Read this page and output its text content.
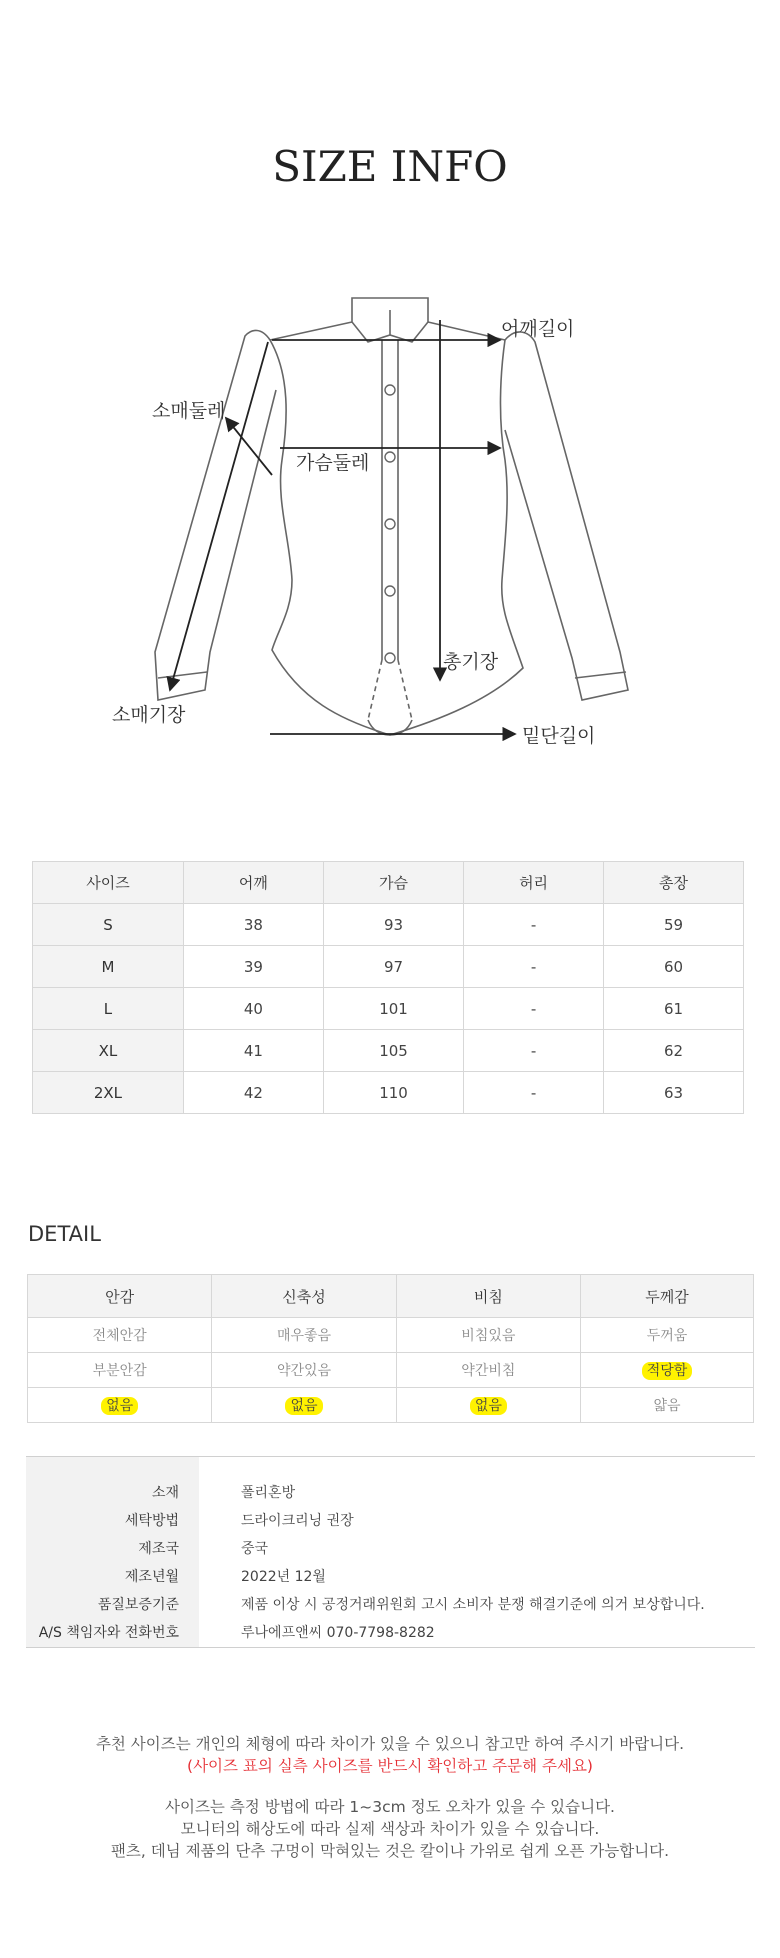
SIZE INFO
어깨길이
소매둘레
가슴둘레
총기장
소매기장
밑단길이
사이즈	어깨	가슴	허리	총장
S	38	93	-	59
M	39	97	-	60
L	40	101	-	61
XL	41	105	-	62
2XL	42	110	-	63
DETAIL
안감	신축성	비침	두께감
전체안감	매우좋음	비침있음	두꺼움
부분안감	약간있음	약간비침	적당함
없음	없음	없음	얇음
소재	폴리혼방
세탁방법	드라이크리닝 권장
제조국	중국
제조년월	2022년 12월
품질보증기준	제품 이상 시 공정거래위원회 고시 소비자 분쟁 해결기준에 의거 보상합니다.
A/S 책임자와 전화번호	루나에프앤씨 070-7798-8282
추천 사이즈는 개인의 체형에 따라 차이가 있을 수 있으니 참고만 하여 주시기 바랍니다.
(사이즈 표의 실측 사이즈를 반드시 확인하고 주문해 주세요)
사이즈는 측정 방법에 따라 1~3cm 정도 오차가 있을 수 있습니다.
모니터의 해상도에 따라 실제 색상과 차이가 있을 수 있습니다.
팬츠, 데님 제품의 단추 구멍이 막혀있는 것은 칼이나 가위로 쉽게 오픈 가능합니다.
